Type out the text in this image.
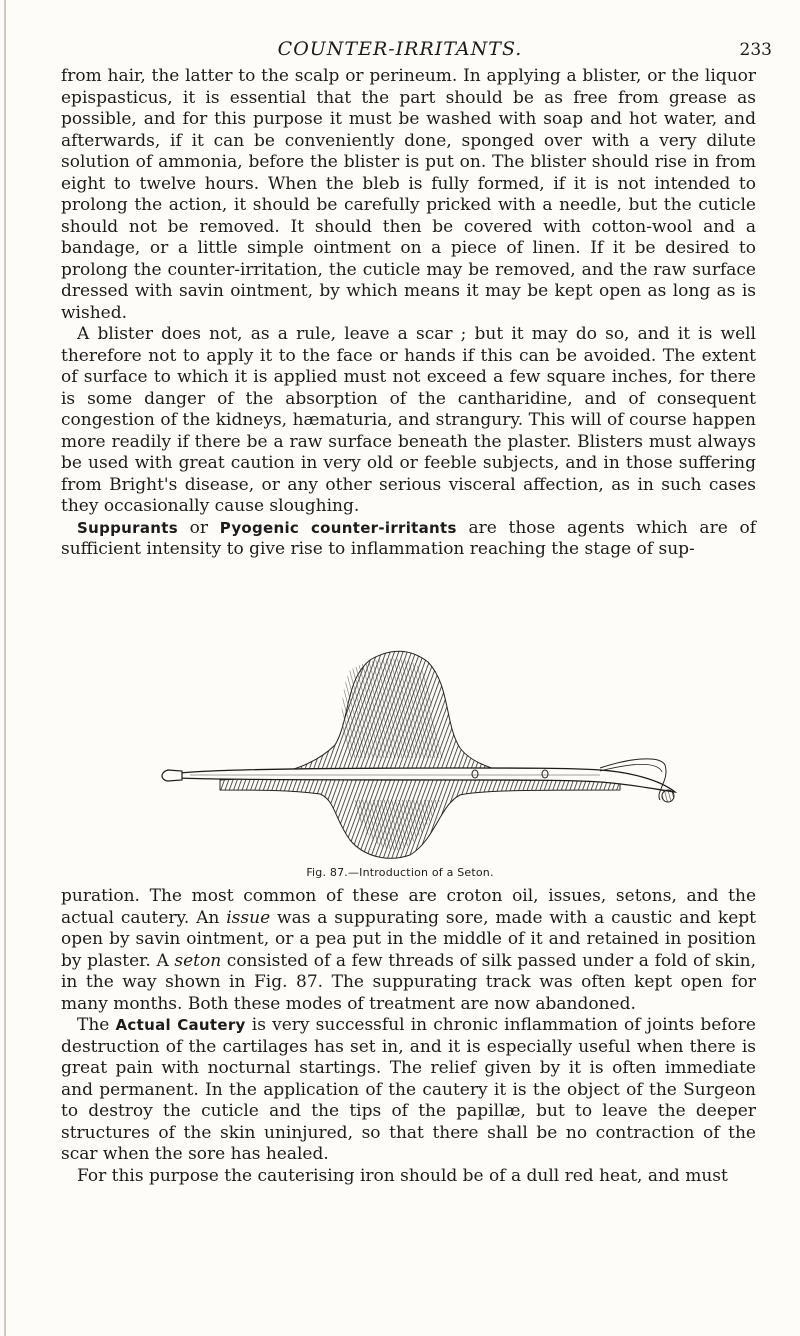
COUNTER-IRRITANTS.	233

from hair, the latter to the scalp or perineum. In applying a blister, or the liquor epispasticus, it is essential that the part should be as free from grease as possible, and for this purpose it must be washed with soap and hot water, and afterwards, if it can be conveniently done, sponged over with a very dilute solution of ammonia, before the blister is put on. The blister should rise in from eight to twelve hours. When the bleb is fully formed, if it is not intended to prolong the action, it should be carefully pricked with a needle, but the cuticle should not be removed. It should then be covered with cotton-wool and a bandage, or a little simple ointment on a piece of linen. If it be desired to prolong the counter-irritation, the cuticle may be removed, and the raw surface dressed with savin ointment, by which means it may be kept open as long as is wished.

A blister does not, as a rule, leave a scar ; but it may do so, and it is well therefore not to apply it to the face or hands if this can be avoided. The extent of surface to which it is applied must not exceed a few square inches, for there is some danger of the absorption of the cantharidine, and of consequent congestion of the kidneys, hæmaturia, and strangury. This will of course happen more readily if there be a raw surface beneath the plaster. Blisters must always be used with great caution in very old or feeble subjects, and in those suffering from Bright's disease, or any other serious visceral affection, as in such cases they occasionally cause sloughing.

Suppurants or Pyogenic counter-irritants are those agents which are of sufficient intensity to give rise to inflammation reaching the stage of sup-

Fig. 87.—Introduction of a Seton.

puration. The most common of these are croton oil, issues, setons, and the actual cautery. An issue was a suppurating sore, made with a caustic and kept open by savin ointment, or a pea put in the middle of it and retained in position by plaster. A seton consisted of a few threads of silk passed under a fold of skin, in the way shown in Fig. 87. The suppurating track was often kept open for many months. Both these modes of treatment are now abandoned.

The Actual Cautery is very successful in chronic inflammation of joints before destruction of the cartilages has set in, and it is especially useful when there is great pain with nocturnal startings. The relief given by it is often immediate and permanent. In the application of the cautery it is the object of the Surgeon to destroy the cuticle and the tips of the papillæ, but to leave the deeper structures of the skin uninjured, so that there shall be no contraction of the scar when the sore has healed.

For this purpose the cauterising iron should be of a dull red heat, and must
